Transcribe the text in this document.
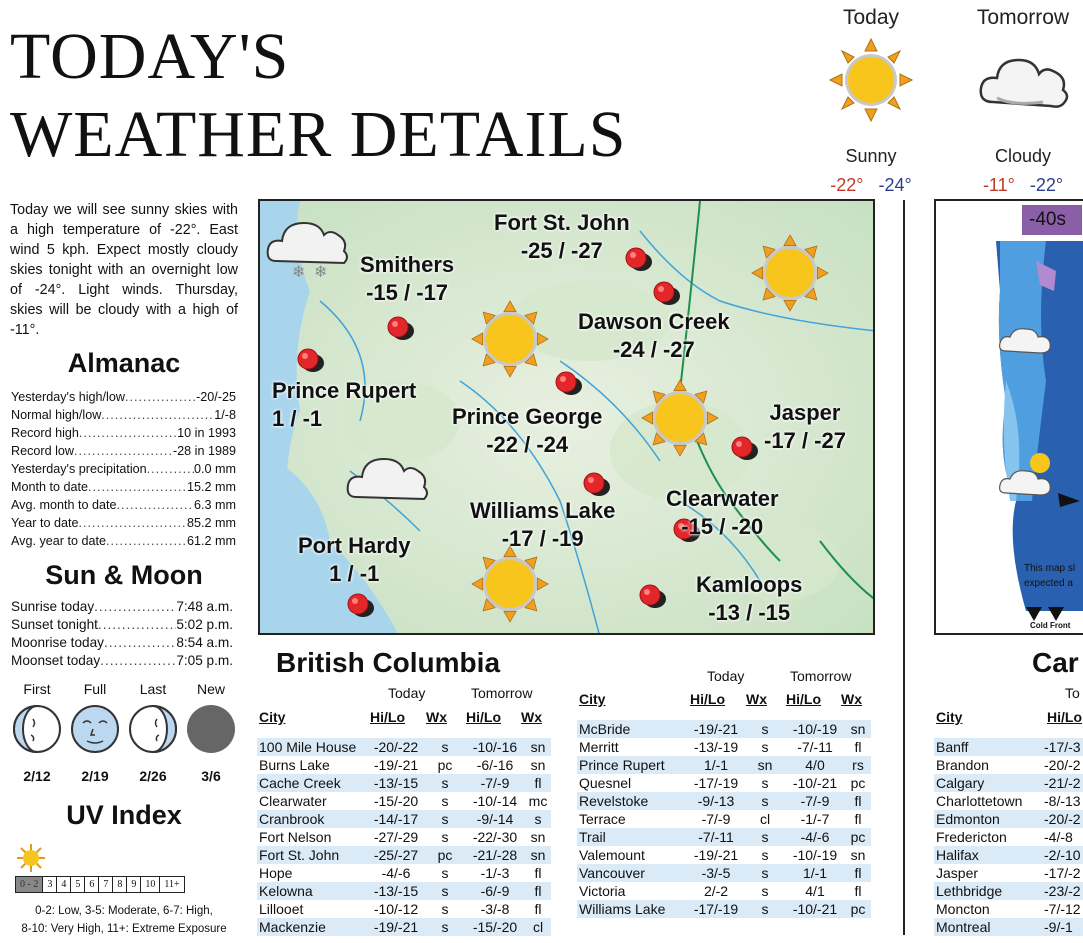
TODAY'S
WEATHER DETAILS
Today
Sunny
-22° -24°
Tomorrow
Cloudy
-11° -22°
Today we will see sunny skies with a high temperature of -22°. East wind 5 kph. Expect mostly cloudy skies tonight with an overnight low of -24°. Light winds. Thursday, skies will be cloudy with a high of -11°.
Almanac
Yesterday's high/low .....	-20/-25
Normal high/low .....	1/-8
Record high .....	10 in 1993
Record low .....	-28 in 1989
Yesterday's precipitation .....	0.0 mm
Month to date .....	15.2 mm
Avg. month to date .....	6.3 mm
Year to date .....	85.2 mm
Avg. year to date .....	61.2 mm
Sun & Moon
Sunrise today .....	7:48 a.m.
Sunset tonight .....	5:02 p.m.
Moonrise today .....	8:54 a.m.
Moonset today .....	7:05 p.m.
First
2/12
Full
2/19
Last
2/26
New
3/6
UV Index
0 - 2 3 4 5 6 7 8 9 10 11+
0-2: Low, 3-5: Moderate, 6-7: High,
8-10: Very High, 11+: Extreme Exposure
❄ ❄
Fort St. John
-25 / -27
Smithers
-15 / -17
Dawson Creek
-24 / -27
Prince Rupert
1 / -1	Prince George
-22 / -24
Jasper
-17 / -27
Clearwater
-15 / -20
Williams Lake
-17 / -19
Port Hardy
1 / -1	Kamloops
-13 / -15
British Columbia
Today	Tomorrow
City	Hi/Lo Wx Hi/Lo Wx
100 Mile House	-20/-22	s	-10/-16	sn
Burns Lake	-19/-21	pc	-6/-16	sn
Cache Creek	-13/-15	s	-7/-9	fl
Clearwater	-15/-20	s	-10/-14	mc
Cranbrook	-14/-17	s	-9/-14	s
Fort Nelson	-27/-29	s	-22/-30	sn
Fort St. John	-25/-27	pc	-21/-28	sn
Hope	-4/-6	s	-1/-3	fl
Kelowna	-13/-15	s	-6/-9	fl
Lillooet	-10/-12	s	-3/-8	fl
Mackenzie	-19/-21	s	-15/-20	cl
Today	Tomorrow
City	Hi/Lo Wx Hi/Lo Wx
McBride	-19/-21	s	-10/-19	sn
Merritt	-13/-19	s	-7/-11	fl
Prince Rupert	1/-1	sn	4/0	rs
Quesnel	-17/-19	s	-10/-21	pc
Revelstoke	-9/-13	s	-7/-9	fl
Terrace	-7/-9	cl	-1/-7	fl
Trail	-7/-11	s	-4/-6	pc
Valemount	-19/-21	s	-10/-19	sn
Vancouver	-3/-5	s	1/-1	fl
Victoria	2/-2	s	4/1	fl
Williams Lake	-17/-19	s	-10/-21	pc
-40s
This map sl
expected a
Cold Front
Car
To
City	Hi/Lo
Banff	-17/-3
Brandon	-20/-2
Calgary	-21/-2
Charlottetown	-8/-13
Edmonton	-20/-2
Fredericton	-4/-8
Halifax	-2/-10
Jasper	-17/-2
Lethbridge	-23/-2
Moncton	-7/-12
Montreal	-9/-1
